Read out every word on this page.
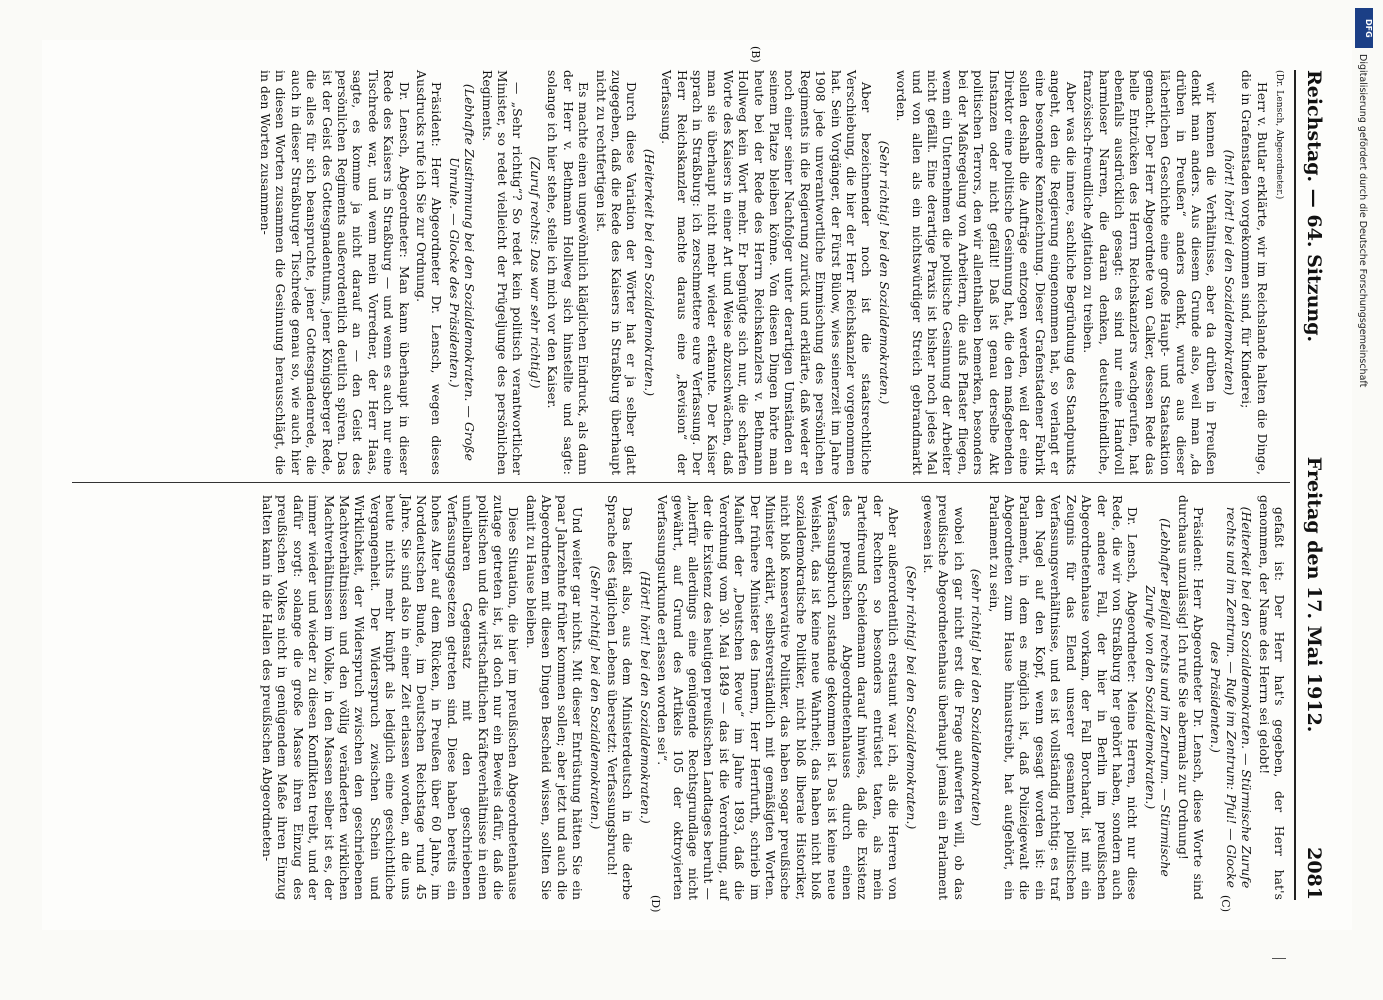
Reichstag. — 64. Sitzung.
Freitag den 17. Mai 1912.
2081

(Dr. Lensch, Abgeordneter.)

Herr v. Butlar erklärte, wir im Reichslande halten die Dinge, die in Grafenstaden vorgekommen sind, für Kinderei;

(hört! hört! bei den Sozialdemokraten)

wir kennen die Verhältnisse, aber da drüben in Preußen denkt man anders. Aus diesem Grunde also, weil man „da drüben in Preußen“ anders denkt, wurde aus dieser lächerlichen Geschichte eine große Haupt- und Staatsaktion gemacht. Der Herr Abgeordnete van Calker, dessen Rede das helle Entzücken des Herrn Reichskanzlers wachgerufen, hat ebenfalls ausdrücklich gesagt: es sind nur eine Handvoll harmloser Narren, die daran denken, deutschfeindliche, französisch-freundliche Agitation zu treiben.

Aber was die innere, sachliche Begründung des Standpunkts angeht, den die Regierung eingenommen hat, so verlangt er eine besondere Kennzeichnung. Dieser Grafenstadener Fabrik sollen deshalb die Aufträge entzogen werden, weil der eine Direktor eine politische Gesinnung hat, die den maßgebenden Instanzen oder nicht gefällt! Daß ist genau derselbe Akt politischen Terrors, den wir allenthalben bemerken, besonders bei der Maßregelung von Arbeitern, die aufs Pflaster fliegen, wenn ein Unternehmen die politische Gesinnung der Arbeiter nicht gefällt. Eine derartige Praxis ist bisher noch jedes Mal und von allen als ein nichtswürdiger Streich gebrandmarkt worden.

(Sehr richtig! bei den Sozialdemokraten.)

Aber bezeichnender noch ist die staatsrechtliche Verschiebung, die hier der Herr Reichskanzler vorgenommen hat. Sein Vorgänger, der Fürst Bülow, wies seinerzeit im Jahre 1908 jede unverantwortliche Einmischung des persönlichen Regiments in die Regierung zurück und erklärte, daß weder er noch einer seiner Nachfolger unter derartigen Umständen an seinem Platze bleiben könne. Von diesen Dingen hörte man heute bei der Rede des Herrn Reichskanzlers v. Bethmann Hollweg kein Wort mehr. Er begnügte sich nur, die scharfen Worte des Kaisers in einer Art und Weise abzuschwächen, daß man sie überhaupt nicht mehr wieder erkannte. Der Kaiser sprach in Straßburg: ich zerschmettere eure Verfassung. Der Herr Reichskanzler machte daraus eine „Revision“ der Verfassung.

(Heiterkeit bei den Sozialdemokraten.)

Durch diese Variation der Wörter hat er ja selber glatt zugegeben, daß die Rede des Kaisers in Straßburg überhaupt nicht zu rechtfertigen ist.

Es machte einen ungewöhnlich kläglichen Eindruck, als dann der Herr v. Bethmann Hollweg sich hinstellte und sagte: solange ich hier stehe, stelle ich mich vor den Kaiser.

(Zuruf rechts: Das war sehr richtig!)

— „Sehr richtig“? So redet kein politisch verantwortlicher Minister, so redet vielleicht der Prügeljunge des persönlichen Regiments.

(Lebhafte Zustimmung bei den Sozialdemokraten. — Große Unruhe. — Glocke des Präsidenten.)

Präsident: Herr Abgeordneter Dr. Lensch, wegen dieses Ausdrucks rufe ich Sie zur Ordnung.

Dr. Lensch, Abgeordneter: Man kann überhaupt in dieser Rede des Kaisers in Straßburg — und wenn es auch nur eine Tischrede war, und wenn mein Vorredner, der Herr Haas, sagte, es komme ja nicht darauf an — den Geist des persönlichen Regiments außerordentlich deutlich spüren. Das ist der Geist des Gottesgnadentums, jener Königsberger Rede, die alles für sich beanspruchte, jener Gottesgnadenrede, die auch in dieser Straßburger Tischrede genau so, wie auch hier in diesen Worten zusammen die Gesinnung herausschlägt, die in den Worten zusammen-

gefaßt ist: Der Herr hat's gegeben, der Herr hat's genommen, der Name des Herrn sei gelobt!

(Heiterkeit bei den Sozialdemokraten. — Stürmische Zurufe rechts und im Zentrum. — Rufe im Zentrum: Pfui! — Glocke des Präsidenten.)

Präsident: Herr Abgeordneter Dr. Lensch, diese Worte sind durchaus unzulässig! Ich rufe Sie abermals zur Ordnung!

(Lebhafter Beifall rechts und im Zentrum. — Stürmische Zurufe von den Sozialdemokraten.)

Dr. Lensch, Abgeordneter: Meine Herren, nicht nur diese Rede, die wir von Straßburg her gehört haben, sondern auch der andere Fall, der hier in Berlin im preußischen Abgeordnetenhause vorkam, der Fall Borchardt, ist mit ein Zeugnis für das Elend unserer gesamten politischen Verfassungsverhältnisse, und es ist vollständig richtig: es traf den Nagel auf den Kopf, wenn gesagt worden ist: ein Parlament, in dem es möglich ist, daß Polizeigewalt die Abgeordneten zum Hause hinaustreibt, hat aufgehört, ein Parlament zu sein,

(sehr richtig! bei den Sozialdemokraten)

wobei ich gar nicht erst die Frage aufwerfen will, ob das preußische Abgeordnetenhaus überhaupt jemals ein Parlament gewesen ist.

(Sehr richtig! bei den Sozialdemokraten.)

Aber außerordentlich erstaunt war ich, als die Herren von der Rechten so besonders entrüstet taten, als mein Parteifreund Scheidemann darauf hinwies, daß die Existenz des preußischen Abgeordnetenhauses durch einen Verfassungsbruch zustande gekommen ist. Das ist keine neue Weisheit, das ist keine neue Wahrheit; das haben nicht bloß sozialdemokratische Politiker, nicht bloß liberale Historiker, nicht bloß konservative Politiker, das haben sogar preußische Minister erklärt, selbstverständlich mit gemäßigten Worten. Der frühere Minister des Innern, Herr Herrfurth, schrieb im Maiheft der „Deutschen Revue“ im Jahre 1893, daß die Verordnung vom 30. Mai 1849 — das ist die Verordnung, auf der die Existenz des heutigen preußischen Landtages beruht — „hierfür allerdings eine genügende Rechtsgrundlage nicht gewährt, auf Grund des Artikels 105 der oktroyierten Verfassungsurkunde erlassen worden sei“.

(Hört! hört! bei den Sozialdemokraten.)

Das heißt also, aus dem Ministerdeutsch in die derbe Sprache des täglichen Lebens übersetzt: Verfassungsbruch!

(Sehr richtig! bei den Sozialdemokraten.)

Und weiter gar nichts. Mit dieser Entrüstung hätten Sie ein paar Jahrzehnte früher kommen sollen; aber jetzt und auch die Abgeordneten mit diesen Dingen Bescheid wissen, sollten Sie damit zu Hause bleiben.

Diese Situation, die hier im preußischen Abgeordnetenhause zutage getreten ist, ist doch nur ein Beweis dafür, daß die politischen und die wirtschaftlichen Kräfteverhältnisse in einen unheilbaren Gegensatz mit den geschriebenen Verfassungsgesetzen getreten sind. Diese haben bereits ein hohes Alter auf dem Rücken, in Preußen über 60 Jahre, im Norddeutschen Bunde, im Deutschen Reichstage rund 45 Jahre. Sie sind also in einer Zeit erlassen worden, an die uns heute nichts mehr knüpft als lediglich eine geschichtliche Vergangenheit. Der Widerspruch zwischen Schein und Wirklichkeit, der Widerspruch zwischen den geschriebenen Machtverhältnissen und den völlig veränderten wirklichen Machtverhältnissen im Volke, in den Massen selber ist es, der immer wieder und wieder zu diesen Konflikten treibt, und der dafür sorgt: solange die große Masse ihren Einzug des preußischen Volkes nicht in genügendem Maße ihren Einzug halten kann in die Hallen des preußischen Abgeordneten-

(B)
(C)
(D)
DFG
Digitalisierung gefördert durch die Deutsche Forschungsgemeinschaft
